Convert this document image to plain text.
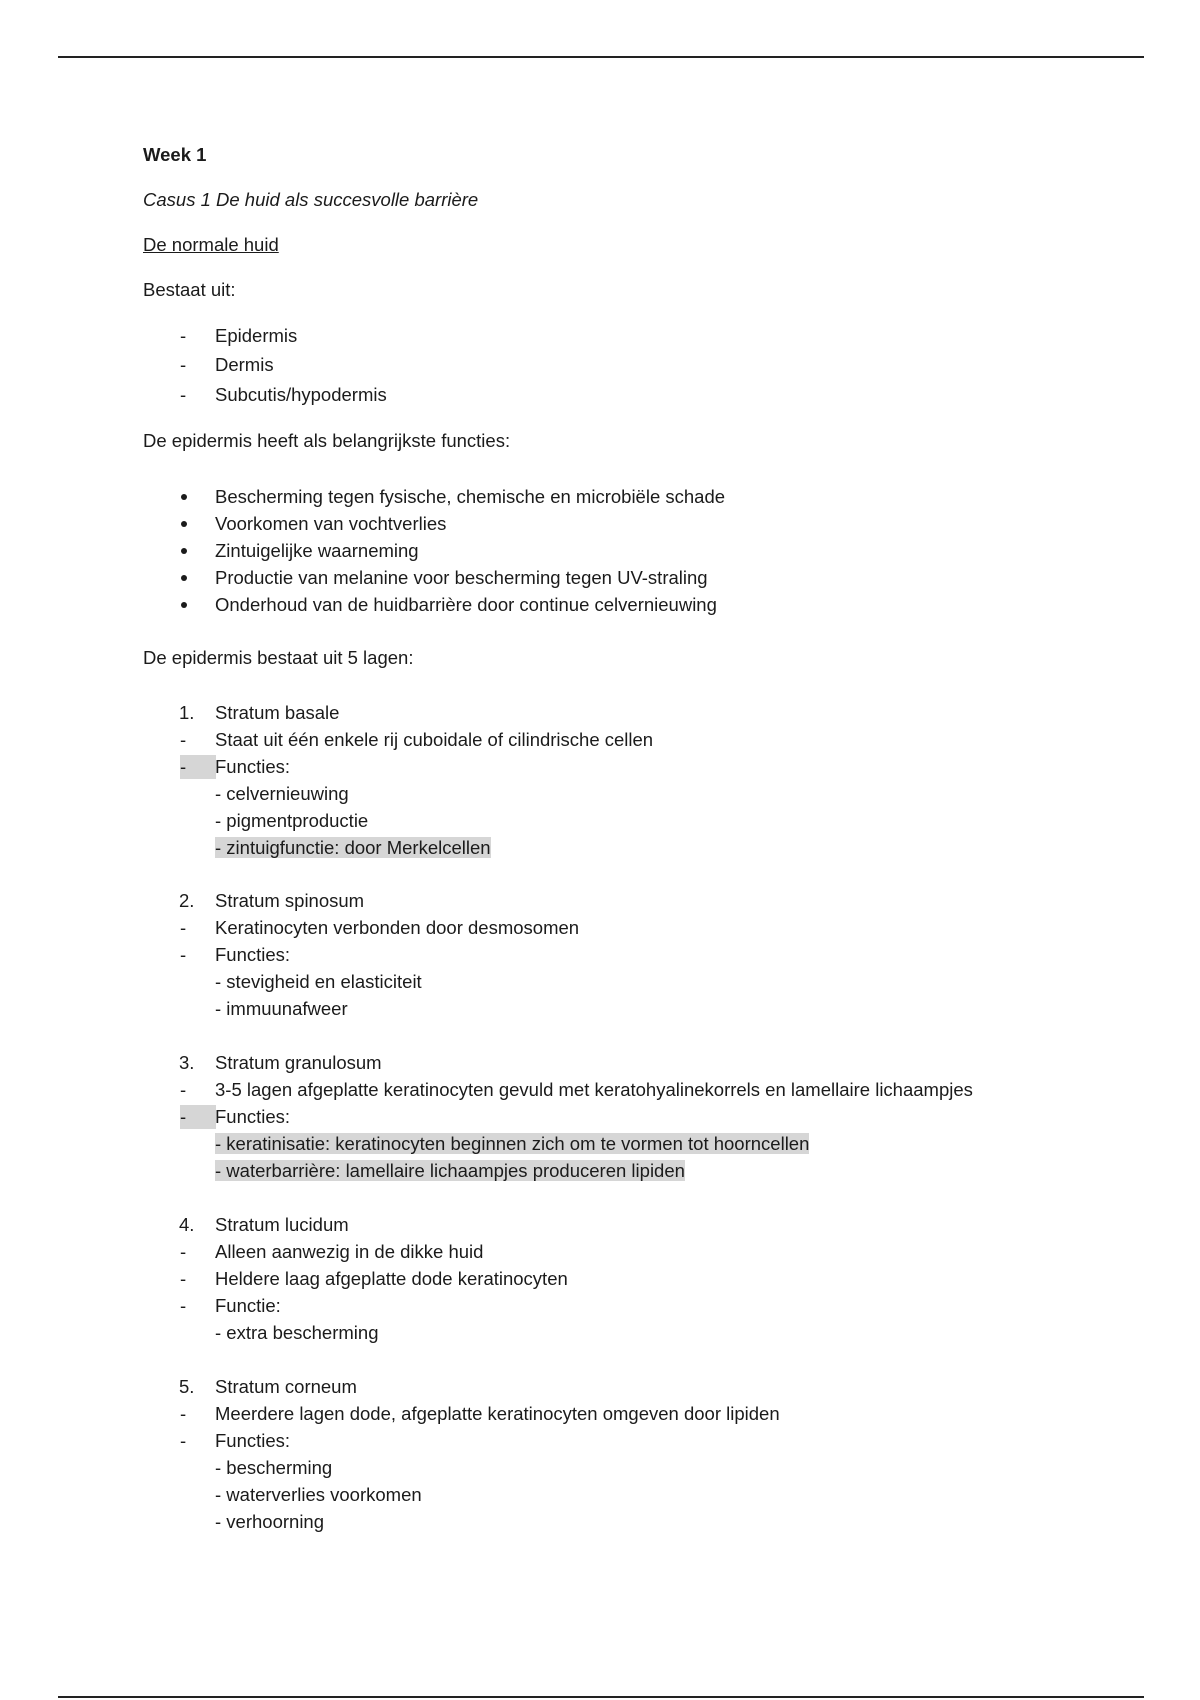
Week 1
Casus 1 De huid als succesvolle barrière
De normale huid
Bestaat uit:
-	Epidermis
-	Dermis
-	Subcutis/hypodermis
De epidermis heeft als belangrijkste functies:
Bescherming tegen fysische, chemische en microbiële schade
Voorkomen van vochtverlies
Zintuigelijke waarneming
Productie van melanine voor bescherming tegen UV-straling
Onderhoud van de huidbarrière door continue celvernieuwing
De epidermis bestaat uit 5 lagen:
1.	Stratum basale
-	Staat uit één enkele rij cuboidale of cilindrische cellen
-	Functies:
- celvernieuwing
- pigmentproductie
- zintuigfunctie: door Merkelcellen
2.	Stratum spinosum
-	Keratinocyten verbonden door desmosomen
-	Functies:
- stevigheid en elasticiteit
- immuunafweer
3.	Stratum granulosum
-	3-5 lagen afgeplatte keratinocyten gevuld met keratohyalinekorrels en lamellaire lichaampjes
-	Functies:
- keratinisatie: keratinocyten beginnen zich om te vormen tot hoorncellen
- waterbarrière: lamellaire lichaampjes produceren lipiden
4.	Stratum lucidum
-	Alleen aanwezig in de dikke huid
-	Heldere laag afgeplatte dode keratinocyten
-	Functie:
- extra bescherming
5.	Stratum corneum
-	Meerdere lagen dode, afgeplatte keratinocyten omgeven door lipiden
-	Functies:
- bescherming
- waterverlies voorkomen
- verhoorning
